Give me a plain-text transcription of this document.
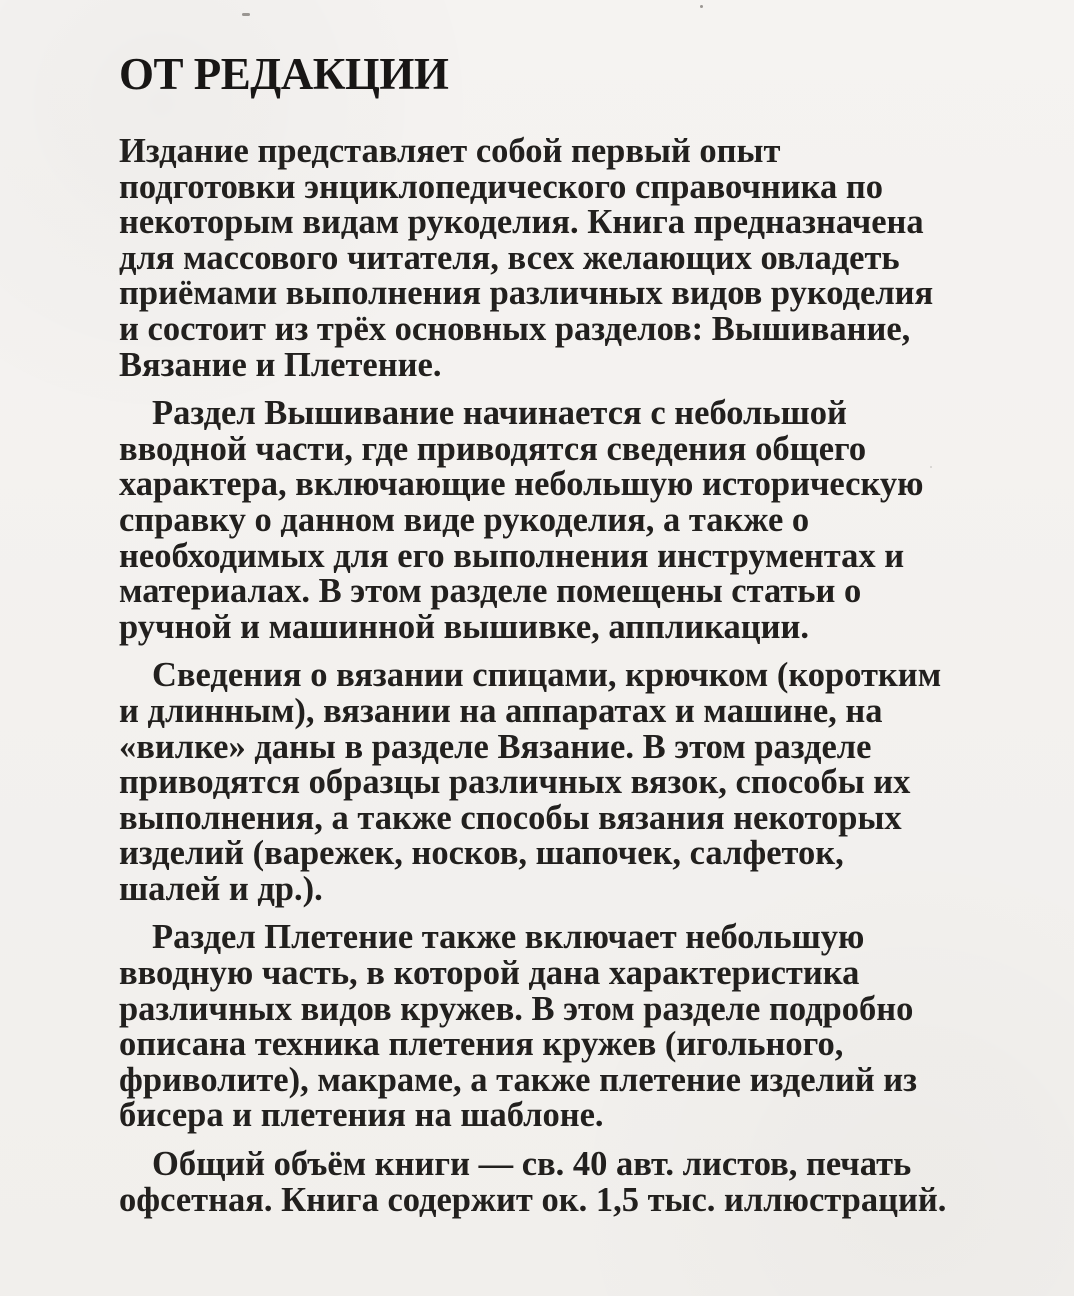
ОТ РЕДАКЦИИ

Издание представляет собой первый опыт
подготовки энциклопедического справочника по
некоторым видам рукоделия. Книга предназначена
для массового читателя, всех желающих овладеть
приёмами выполнения различных видов рукоделия
и состоит из трёх основных разделов: Вышивание,
Вязание и Плетение.

Раздел Вышивание начинается с небольшой
вводной части, где приводятся сведения общего
характера, включающие небольшую историческую
справку о данном виде рукоделия, а также о
необходимых для его выполнения инструментах и
материалах. В этом разделе помещены статьи о
ручной и машинной вышивке, аппликации.

Сведения о вязании спицами, крючком (коротким
и длинным), вязании на аппаратах и машине, на
«вилке» даны в разделе Вязание. В этом разделе
приводятся образцы различных вязок, способы их
выполнения, а также способы вязания некоторых
изделий (варежек, носков, шапочек, салфеток,
шалей и др.).

Раздел Плетение также включает небольшую
вводную часть, в которой дана характеристика
различных видов кружев. В этом разделе подробно
описана техника плетения кружев (игольного,
фриволите), макраме, а также плетение изделий из
бисера и плетения на шаблоне.

Общий объём книги — св. 40 авт. листов, печать
офсетная. Книга содержит ок. 1,5 тыс. иллюстраций.
